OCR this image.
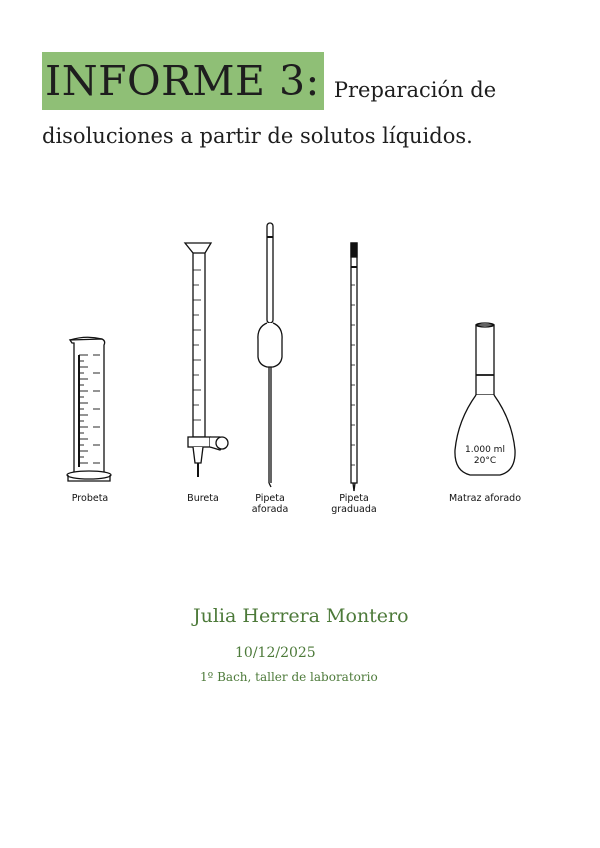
INFORME 3: Preparación de
disoluciones a partir de solutos líquidos.
Probeta	Bureta	Pipeta
aforada
Pipeta
graduada
Matraz aforado
1.000 ml
20°C
Julia Herrera Montero
10/12/2025
1º Bach, taller de laboratorio
